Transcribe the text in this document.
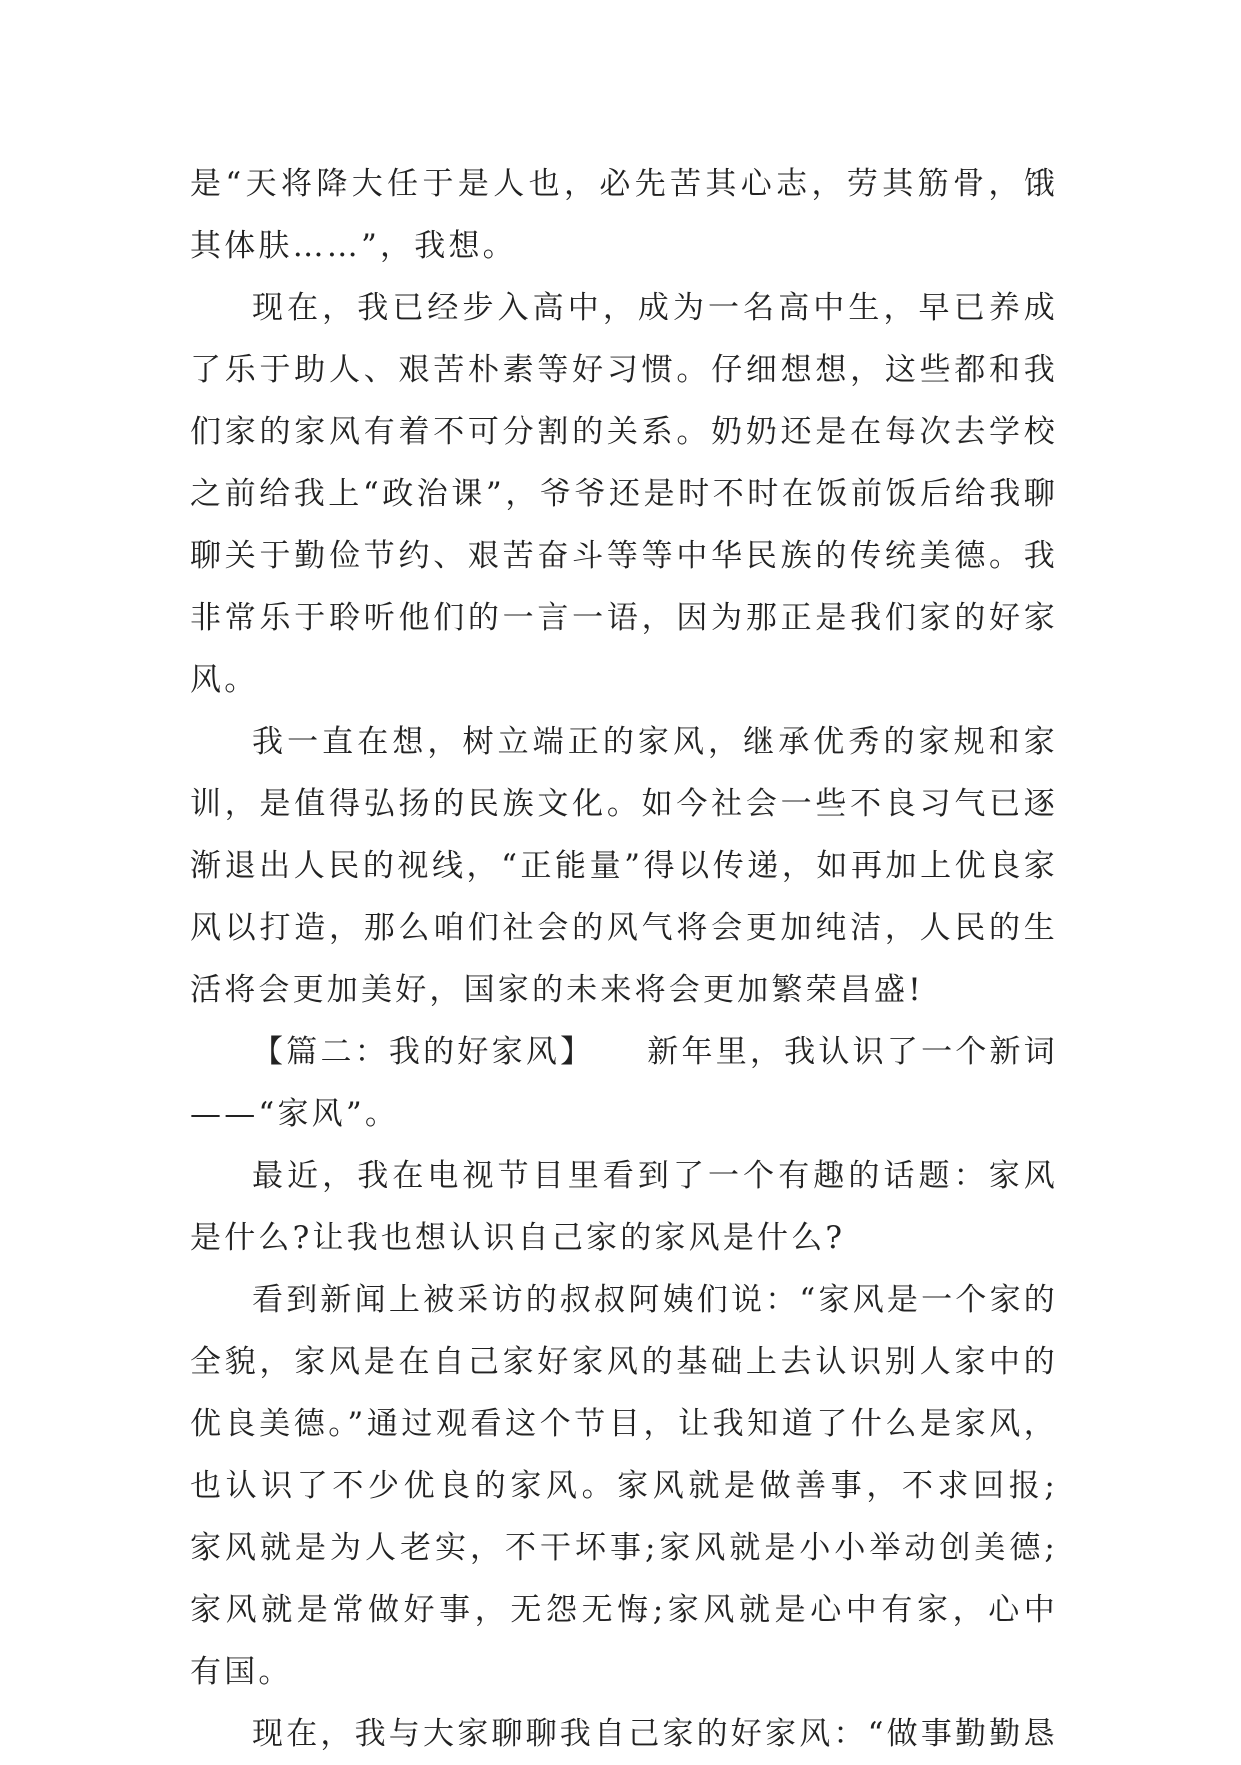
是“天将降大任于是人也，必先苦其心志，劳其筋骨，饿其体肤……”，我想。

现在，我已经步入高中，成为一名高中生，早已养成了乐于助人、艰苦朴素等好习惯。仔细想想，这些都和我们家的家风有着不可分割的关系。奶奶还是在每次去学校之前给我上“政治课”，爷爷还是时不时在饭前饭后给我聊聊关于勤俭节约、艰苦奋斗等等中华民族的传统美德。我非常乐于聆听他们的一言一语，因为那正是我们家的好家风。

我一直在想，树立端正的家风，继承优秀的家规和家训，是值得弘扬的民族文化。如今社会一些不良习气已逐渐退出人民的视线，“正能量”得以传递，如再加上优良家风以打造，那么咱们社会的风气将会更加纯洁，人民的生活将会更加美好，国家的未来将会更加繁荣昌盛!

【篇二：我的好家风】　　新年里，我认识了一个新词——“家风”。

最近，我在电视节目里看到了一个有趣的话题：家风是什么?让我也想认识自己家的家风是什么?

看到新闻上被采访的叔叔阿姨们说：“家风是一个家的全貌，家风是在自己家好家风的基础上去认识别人家中的优良美德。”通过观看这个节目，让我知道了什么是家风，也认识了不少优良的家风。家风就是做善事，不求回报;家风就是为人老实，不干坏事;家风就是小小举动创美德;家风就是常做好事，无怨无悔;家风就是心中有家，心中有国。

现在，我与大家聊聊我自己家的好家风：“做事勤勤恳
